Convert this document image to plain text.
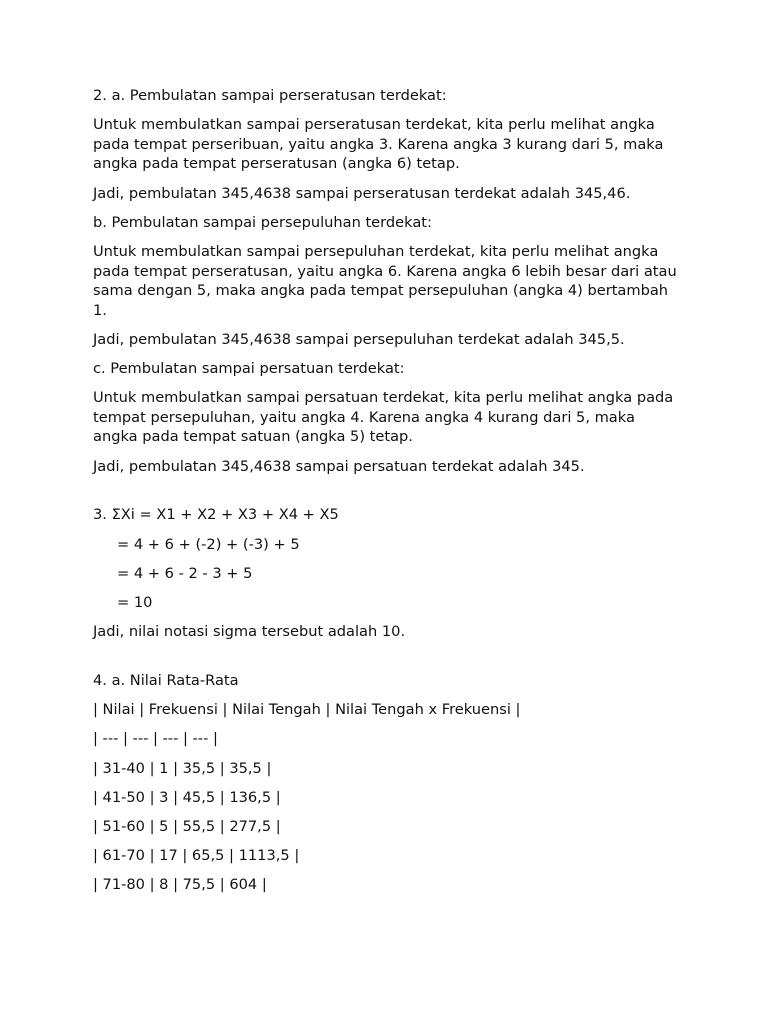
2. a. Pembulatan sampai perseratusan terdekat:

Untuk membulatkan sampai perseratusan terdekat, kita perlu melihat angka pada tempat perseribuan, yaitu angka 3. Karena angka 3 kurang dari 5, maka angka pada tempat perseratusan (angka 6) tetap.

Jadi, pembulatan 345,4638 sampai perseratusan terdekat adalah 345,46.

b. Pembulatan sampai persepuluhan terdekat:

Untuk membulatkan sampai persepuluhan terdekat, kita perlu melihat angka pada tempat perseratusan, yaitu angka 6. Karena angka 6 lebih besar dari atau sama dengan 5, maka angka pada tempat persepuluhan (angka 4) bertambah 1.

Jadi, pembulatan 345,4638 sampai persepuluhan terdekat adalah 345,5.

c. Pembulatan sampai persatuan terdekat:

Untuk membulatkan sampai persatuan terdekat, kita perlu melihat angka pada tempat persepuluhan, yaitu angka 4. Karena angka 4 kurang dari 5, maka angka pada tempat satuan (angka 5) tetap.

Jadi, pembulatan 345,4638 sampai persatuan terdekat adalah 345.

3. ΣXi = X1 + X2 + X3 + X4 + X5

= 4 + 6 + (-2) + (-3) + 5

= 4 + 6 - 2 - 3 + 5

= 10

Jadi, nilai notasi sigma tersebut adalah 10.

4. a. Nilai Rata-Rata

| Nilai | Frekuensi | Nilai Tengah | Nilai Tengah x Frekuensi |

| --- | --- | --- | --- |

| 31-40 | 1 | 35,5 | 35,5 |

| 41-50 | 3 | 45,5 | 136,5 |

| 51-60 | 5 | 55,5 | 277,5 |

| 61-70 | 17 | 65,5 | 1113,5 |

| 71-80 | 8 | 75,5 | 604 |
